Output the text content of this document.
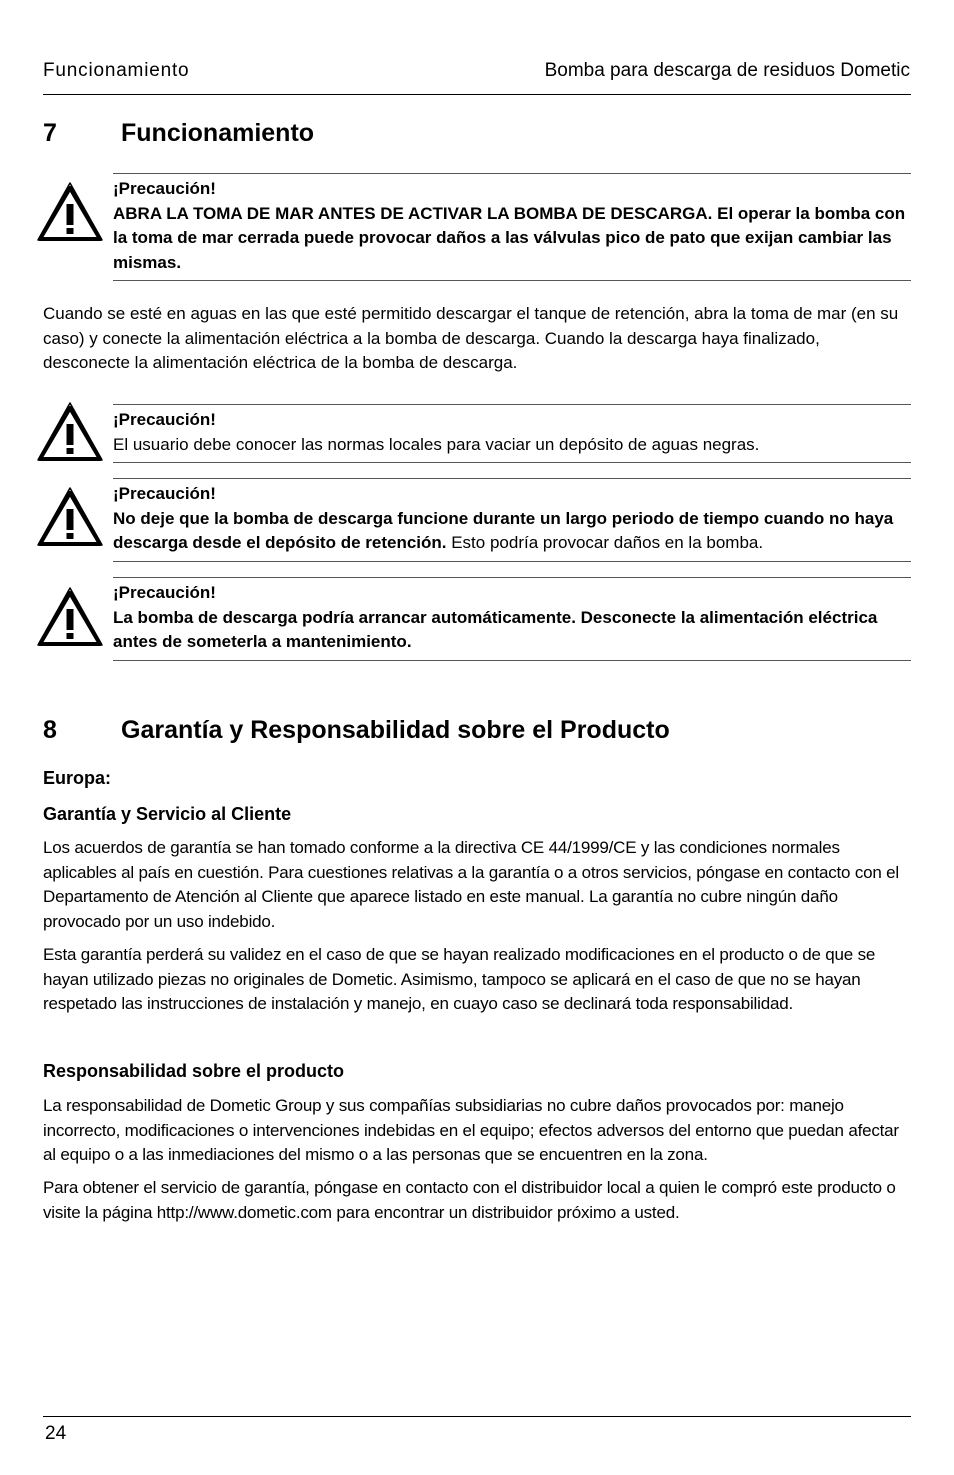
Funcionamiento	Bomba para descarga de residuos Dometic
7	Funcionamiento
¡Precaución!
ABRA LA TOMA DE MAR ANTES DE ACTIVAR LA BOMBA DE DESCARGA. El operar la bomba con la toma de mar cerrada puede provocar daños a las válvulas pico de pato que exijan cambiar las mismas.
Cuando se esté en aguas en las que esté permitido descargar el tanque de retención, abra la toma de mar (en su caso) y conecte la alimentación eléctrica a la bomba de descarga. Cuando la descarga haya finalizado, desconecte la alimentación eléctrica de la bomba de descarga.
¡Precaución!
El usuario debe conocer las normas locales para vaciar un depósito de aguas negras.
¡Precaución!
No deje que la bomba de descarga funcione durante un largo periodo de tiempo cuando no haya descarga desde el depósito de retención. Esto podría provocar daños en la bomba.
¡Precaución!
La bomba de descarga podría arrancar automáticamente. Desconecte la alimentación eléctrica antes de someterla a mantenimiento.
8	Garantía y Responsabilidad sobre el Producto
Europa:
Garantía y Servicio al Cliente
Los acuerdos de garantía se han tomado conforme a la directiva CE 44/1999/CE y las condiciones normales aplicables al país en cuestión. Para cuestiones relativas a la garantía o a otros servicios, póngase en contacto con el Departamento de Atención al Cliente que aparece listado en este manual. La garantía no cubre ningún daño provocado por un uso indebido.
Esta garantía perderá su validez en el caso de que se hayan realizado modificaciones en el producto o de que se hayan utilizado piezas no originales de Dometic. Asimismo, tampoco se aplicará en el caso de que no se hayan respetado las instrucciones de instalación y manejo, en cuayo caso se declinará toda responsabilidad.
Responsabilidad sobre el producto
La responsabilidad de Dometic Group y sus compañías subsidiarias no cubre daños provocados por: manejo incorrecto, modificaciones o intervenciones indebidas en el equipo; efectos adversos del entorno que puedan afectar al equipo o a las inmediaciones del mismo o a las personas que se encuentren en la zona.
Para obtener el servicio de garantía, póngase en contacto con el distribuidor local a quien le compró este producto o visite la página http://www.dometic.com para encontrar un distribuidor próximo a usted.
24
